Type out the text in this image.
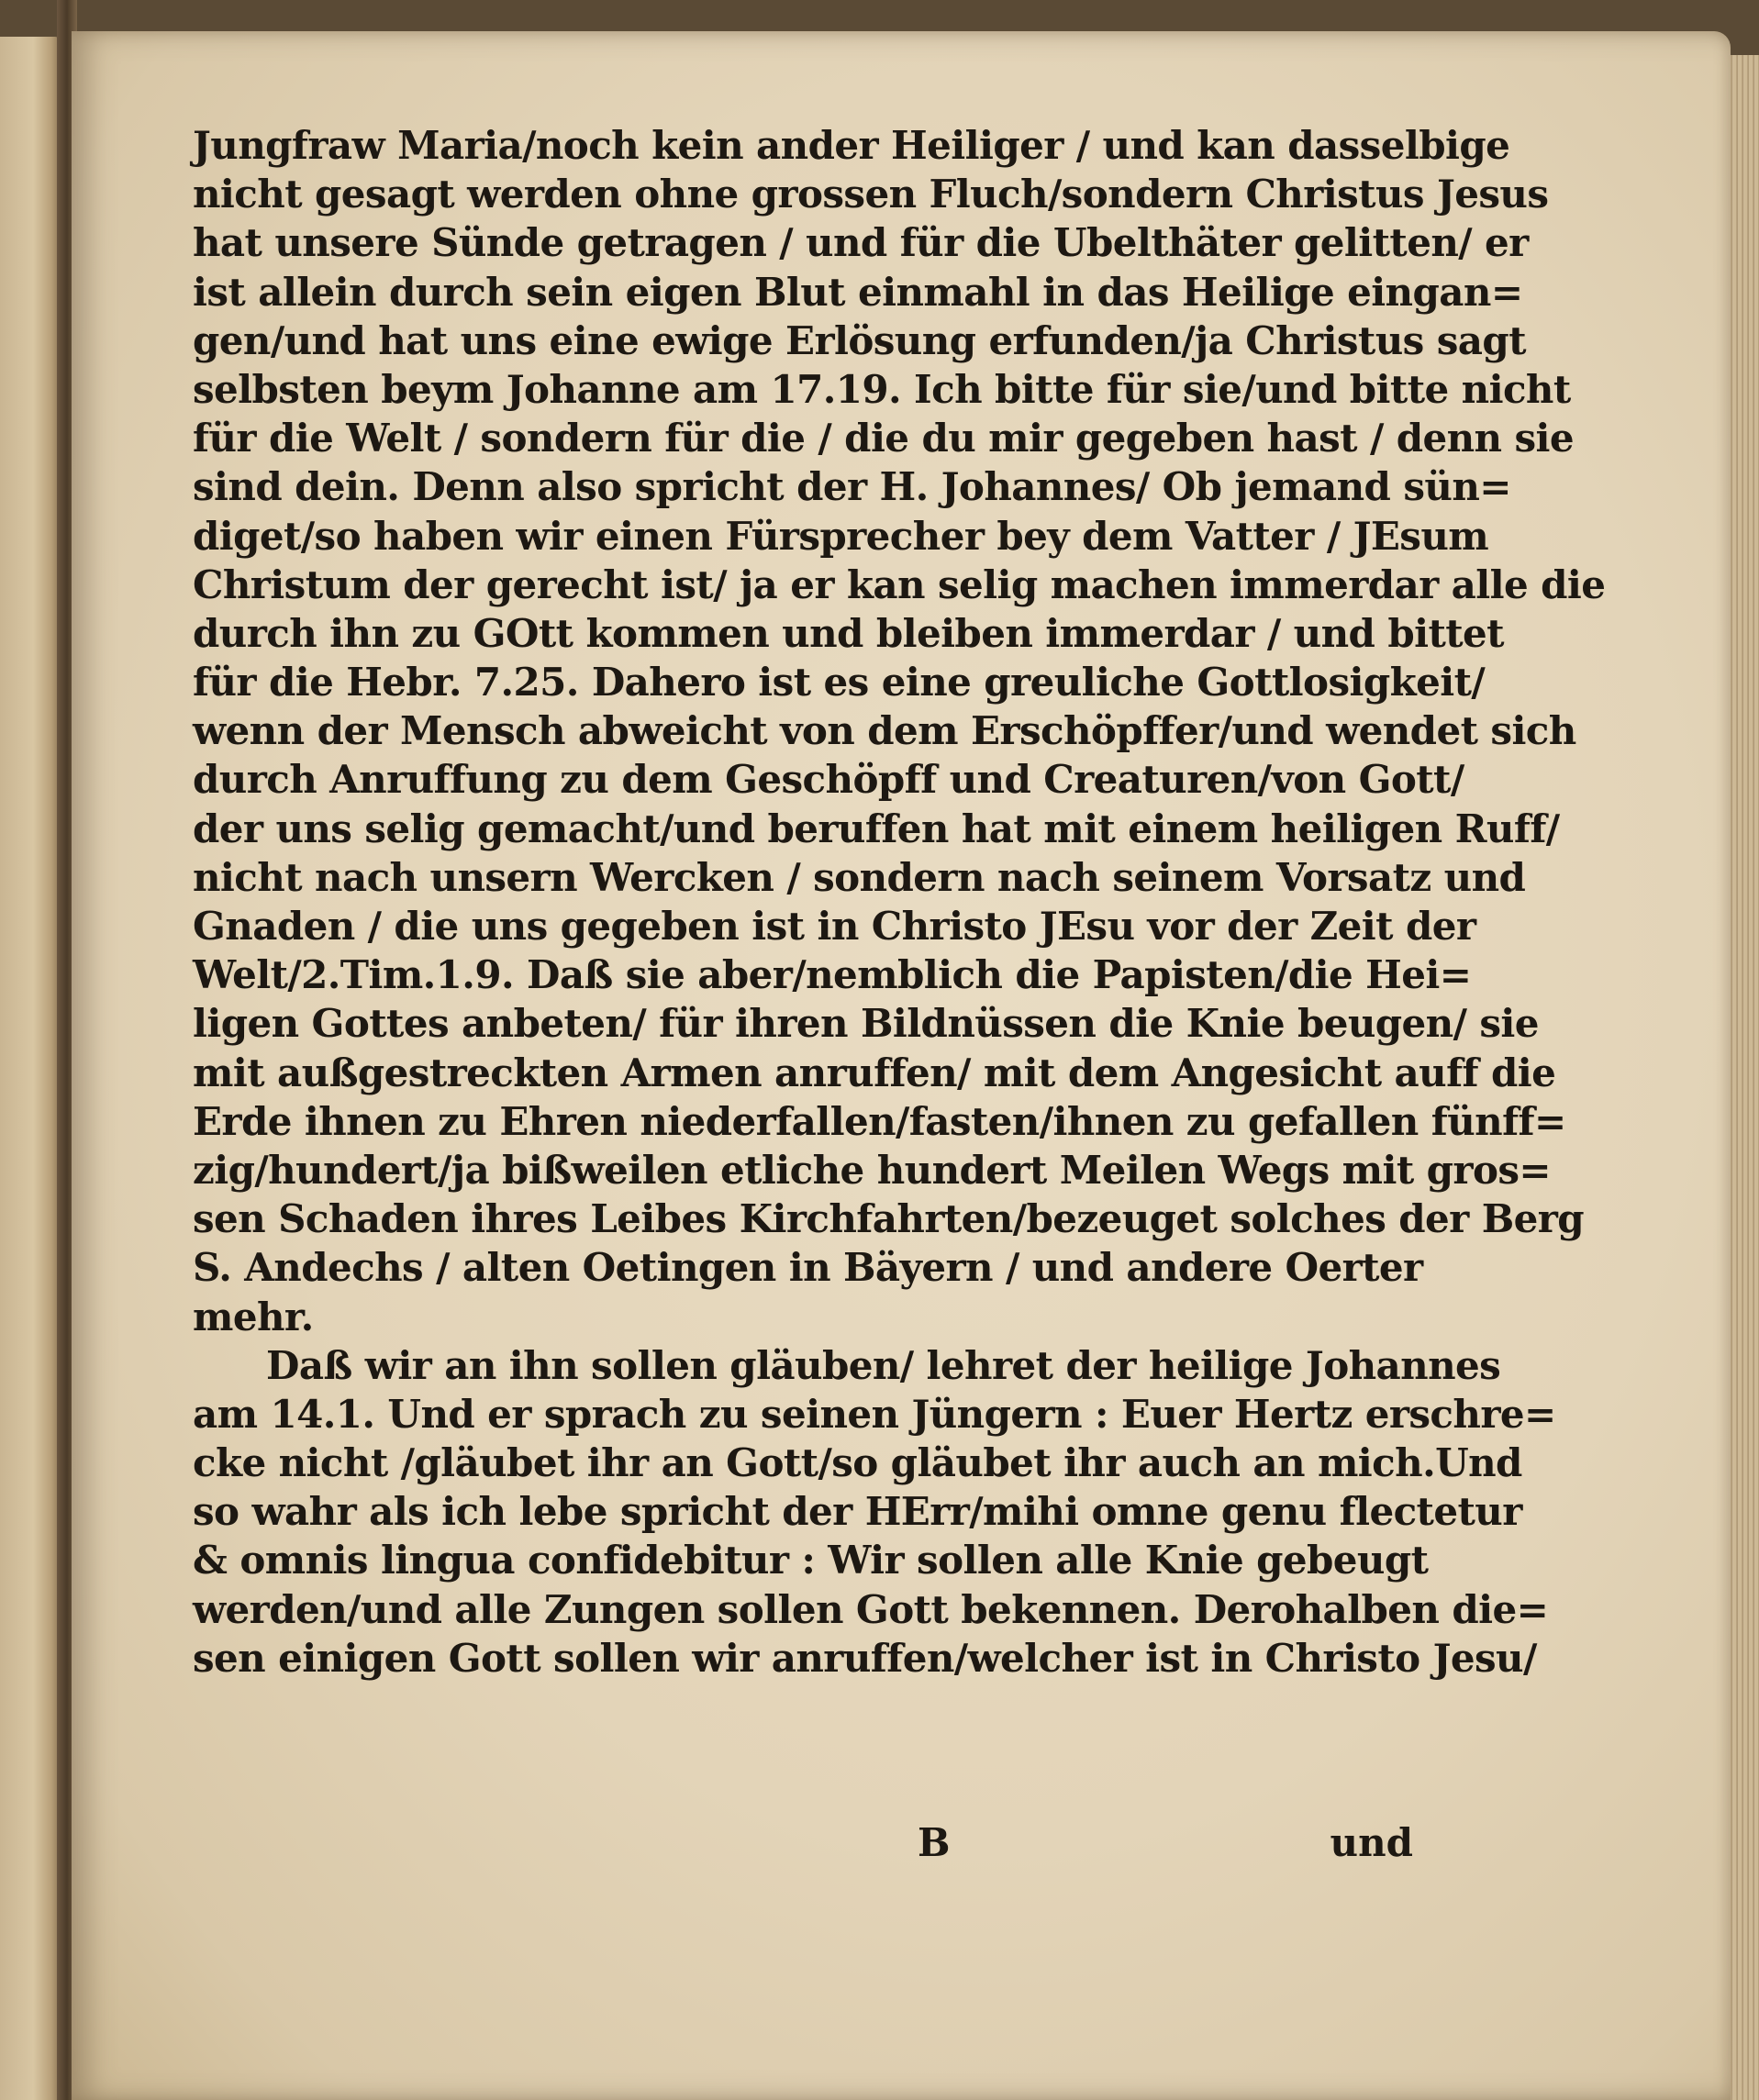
Jungfraw Maria/noch kein ander Heiliger / und kan dasselbige
nicht gesagt werden ohne grossen Fluch/sondern Christus Jesus
hat unsere Sünde getragen / und für die Ubelthäter gelitten/ er
ist allein durch sein eigen Blut einmahl in das Heilige eingan=
gen/und hat uns eine ewige Erlösung erfunden/ja Christus sagt
selbsten beym Johanne am 17.19. Ich bitte für sie/und bitte nicht
für die Welt / sondern für die / die du mir gegeben hast / denn sie
sind dein. Denn also spricht der H. Johannes/ Ob jemand sün=
diget/so haben wir einen Fürsprecher bey dem Vatter / JEsum
Christum der gerecht ist/ ja er kan selig machen immerdar alle die
durch ihn zu GOtt kommen und bleiben immerdar / und bittet
für die Hebr. 7.25. Dahero ist es eine greuliche Gottlosigkeit/
wenn der Mensch abweicht von dem Erschöpffer/und wendet sich
durch Anruffung zu dem Geschöpff und Creaturen/von Gott/
der uns selig gemacht/und beruffen hat mit einem heiligen Ruff/
nicht nach unsern Wercken / sondern nach seinem Vorsatz und
Gnaden / die uns gegeben ist in Christo JEsu vor der Zeit der
Welt/2.Tim.1.9. Daß sie aber/nemblich die Papisten/die Hei=
ligen Gottes anbeten/ für ihren Bildnüssen die Knie beugen/ sie
mit außgestreckten Armen anruffen/ mit dem Angesicht auff die
Erde ihnen zu Ehren niederfallen/fasten/ihnen zu gefallen fünff=
zig/hundert/ja bißweilen etliche hundert Meilen Wegs mit gros=
sen Schaden ihres Leibes Kirchfahrten/bezeuget solches der Berg
S. Andechs / alten Oetingen in Bäyern / und andere Oerter
mehr.
Daß wir an ihn sollen gläuben/ lehret der heilige Johannes
am 14.1. Und er sprach zu seinen Jüngern : Euer Hertz erschre=
cke nicht /gläubet ihr an Gott/so gläubet ihr auch an mich.Und
so wahr als ich lebe spricht der HErr/mihi omne genu flectetur
& omnis lingua confidebitur : Wir sollen alle Knie gebeugt
werden/und alle Zungen sollen Gott bekennen. Derohalben die=
sen einigen Gott sollen wir anruffen/welcher ist in Christo Jesu/
B	und
